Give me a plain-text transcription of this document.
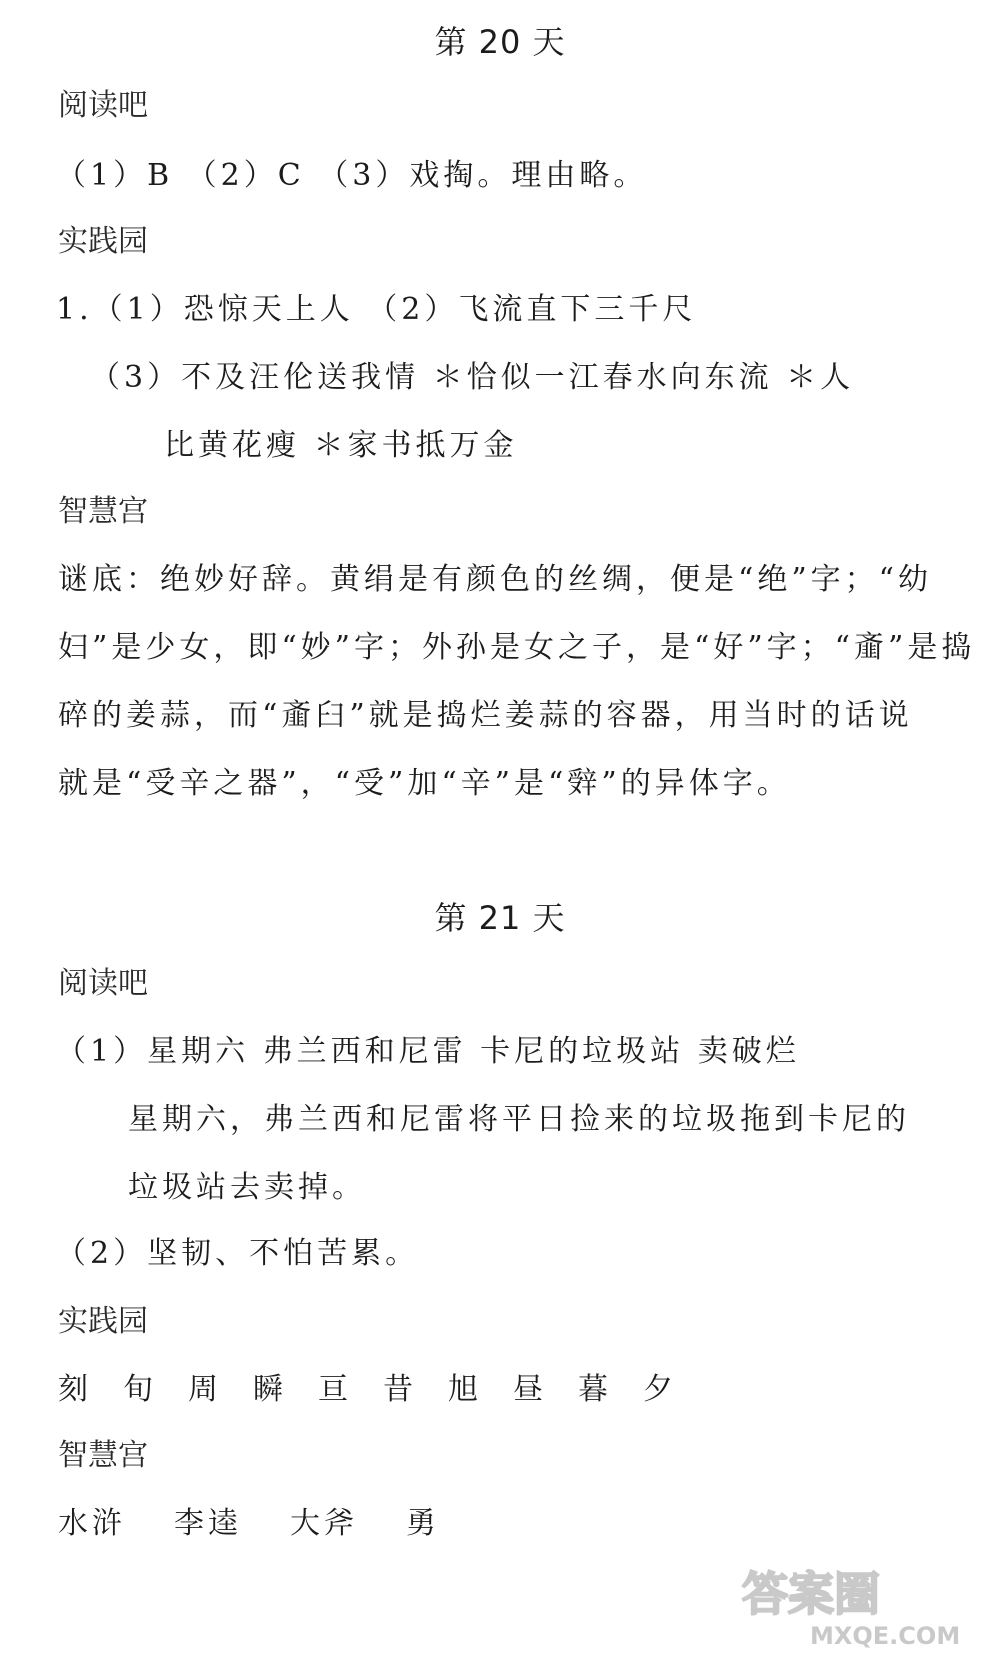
第 20 天
阅读吧

（1）B （2）C （3）戏掏。理由略。

实践园

1.（1）恐惊天上人 （2）飞流直下三千尺

（3）不及汪伦送我情 ＊恰似一江春水向东流 ＊人

比黄花瘦 ＊家书抵万金

智慧宫

谜底：绝妙好辞。黄绢是有颜色的丝绸，便是“绝”字；“幼

妇”是少女，即“妙”字；外孙是女之子，是“好”字；“齑”是捣

碎的姜蒜，而“齑臼”就是捣烂姜蒜的容器，用当时的话说

就是“受辛之器”，“受”加“辛”是“辤”的异体字。

第 21 天
阅读吧

（1）星期六 弗兰西和尼雷 卡尼的垃圾站 卖破烂

星期六，弗兰西和尼雷将平日捡来的垃圾拖到卡尼的

垃圾站去卖掉。

（2）坚韧、不怕苦累。

实践园
刻 旬 周 瞬 亘 昔 旭 昼 暮 夕
智慧宫
水浒 李逵 大斧 勇
答案圈
MXQE.COM
